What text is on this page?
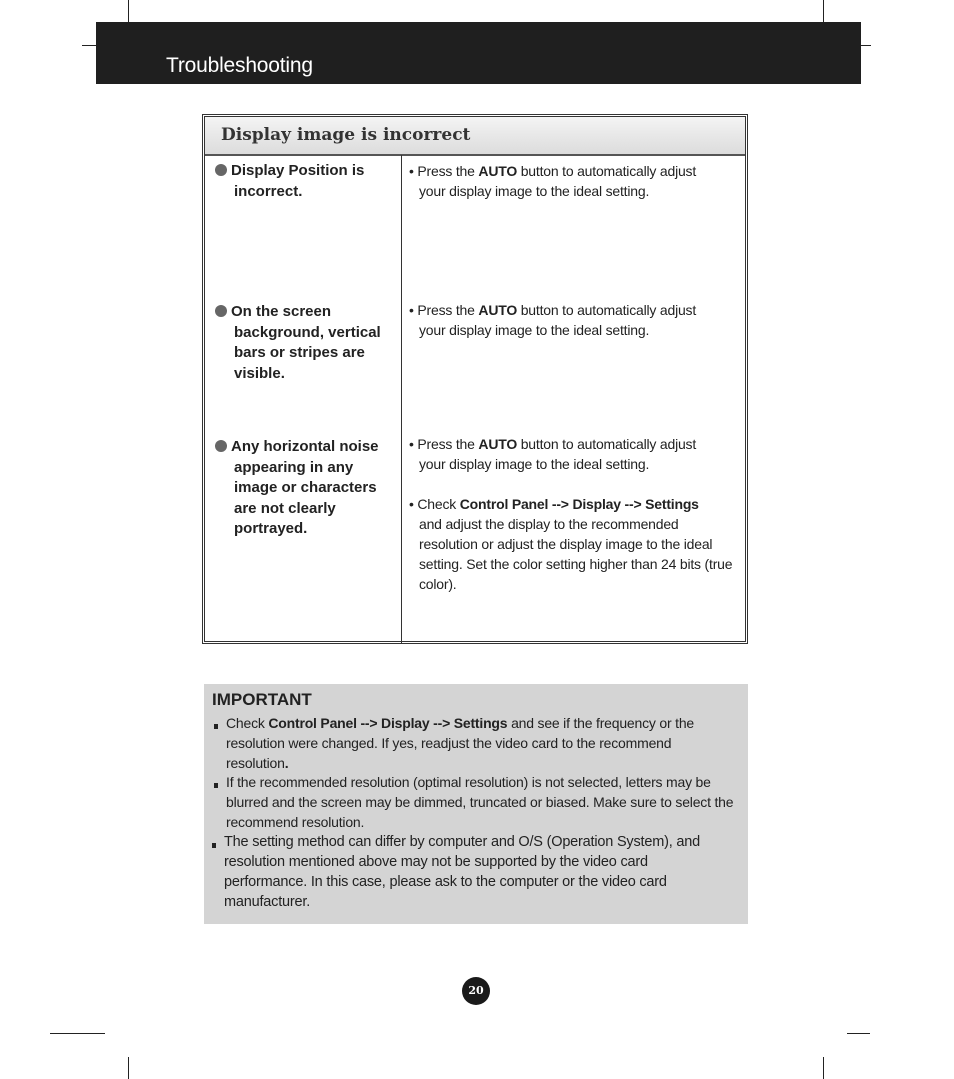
Troubleshooting
Display image is incorrect
Display Position is
incorrect.
• Press the AUTO button to automatically adjust
your display image to the ideal setting.
On the screen
background, vertical bars or stripes are visible.
• Press the AUTO button to automatically adjust
your display image to the ideal setting.
Any horizontal noise
appearing in any image or characters are not clearly portrayed.
• Press the AUTO button to automatically adjust
your display image to the ideal setting.
• Check Control Panel --> Display --> Settings
and adjust the display to the recommended resolution or adjust the display image to the ideal setting. Set the color setting higher than 24 bits (true color).
IMPORTANT
Check Control Panel --> Display --> Settings and see if the frequency or the resolution were changed. If yes, readjust the video card to the recommend resolution.
If the recommended resolution (optimal resolution) is not selected, letters may be blurred and the screen may be dimmed, truncated or biased. Make sure to select the recommend resolution.
The setting method can differ by computer and O/S (Operation System), and resolution mentioned above may not be supported by the video card performance. In this case, please ask to the computer or the video card manufacturer.
20
